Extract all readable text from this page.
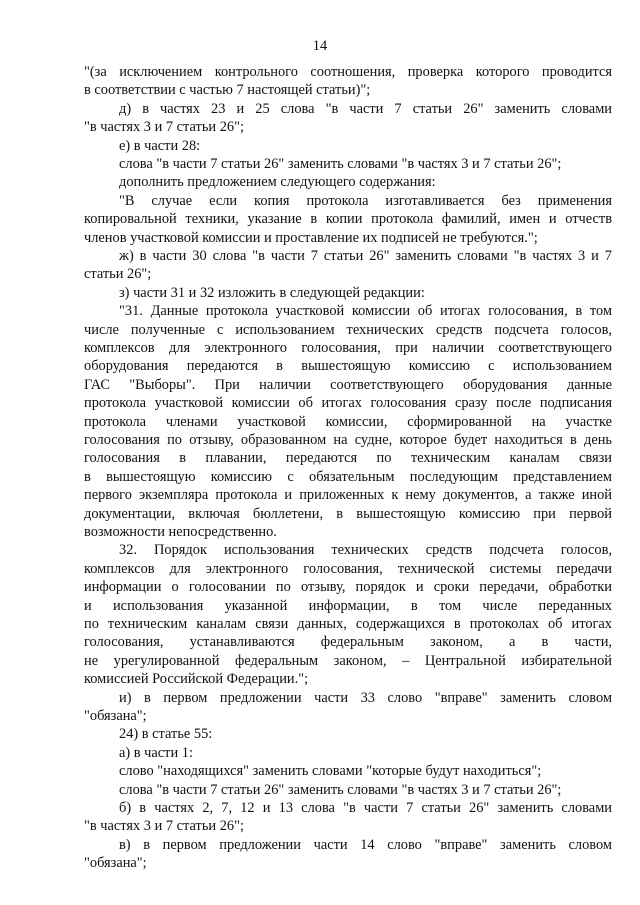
14
"(за исключением контрольного соотношения, проверка которого проводится
в соответствии с частью 7 настоящей статьи)";
д) в частях 23 и 25 слова "в части 7 статьи 26" заменить словами
"в частях 3 и 7 статьи 26";
е) в части 28:
слова "в части 7 статьи 26" заменить словами "в частях 3 и 7 статьи 26";
дополнить предложением следующего содержания:
"В случае если копия протокола изготавливается без применения
копировальной техники, указание в копии протокола фамилий, имен и отчеств
членов участковой комиссии и проставление их подписей не требуются.";
ж) в части 30 слова "в части 7 статьи 26" заменить словами "в частях 3 и 7
статьи 26";
з) части 31 и 32 изложить в следующей редакции:
"31. Данные протокола участковой комиссии об итогах голосования, в том
числе полученные с использованием технических средств подсчета голосов,
комплексов для электронного голосования, при наличии соответствующего
оборудования передаются в вышестоящую комиссию с использованием
ГАС "Выборы". При наличии соответствующего оборудования данные
протокола участковой комиссии об итогах голосования сразу после подписания
протокола членами участковой комиссии, сформированной на участке
голосования по отзыву, образованном на судне, которое будет находиться в день
голосования в плавании, передаются по техническим каналам связи
в вышестоящую комиссию с обязательным последующим представлением
первого экземпляра протокола и приложенных к нему документов, а также иной
документации, включая бюллетени, в вышестоящую комиссию при первой
возможности непосредственно.
32. Порядок использования технических средств подсчета голосов,
комплексов для электронного голосования, технической системы передачи
информации о голосовании по отзыву, порядок и сроки передачи, обработки
и использования указанной информации, в том числе переданных
по техническим каналам связи данных, содержащихся в протоколах об итогах
голосования, устанавливаются федеральным законом, а в части,
не урегулированной федеральным законом, – Центральной избирательной
комиссией Российской Федерации.";
и) в первом предложении части 33 слово "вправе" заменить словом
"обязана";
24) в статье 55:
а) в части 1:
слово "находящихся" заменить словами "которые будут находиться";
слова "в части 7 статьи 26" заменить словами "в частях 3 и 7 статьи 26";
б) в частях 2, 7, 12 и 13 слова "в части 7 статьи 26" заменить словами
"в частях 3 и 7 статьи 26";
в) в первом предложении части 14 слово "вправе" заменить словом
"обязана";
